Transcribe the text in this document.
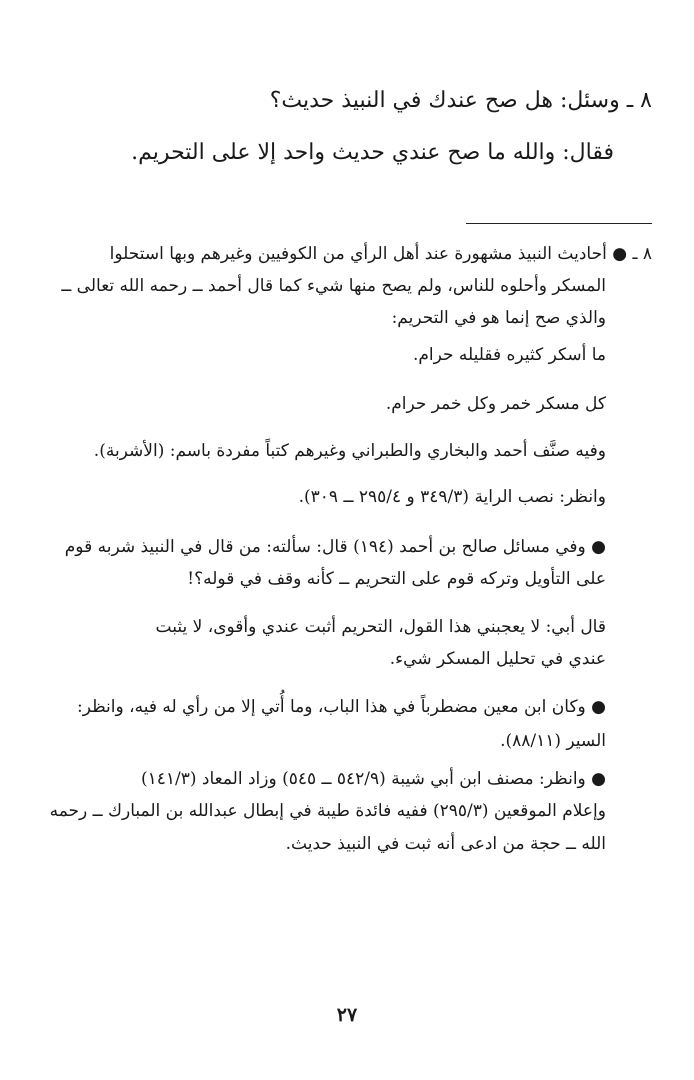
٨ ـ وسئل: هل صح عندك في النبيذ حديث؟
فقال: والله ما صح عندي حديث واحد إلا على التحريم.
٨ ـ ● أحاديث النبيذ مشهورة عند أهل الرأي من الكوفيين وغيرهم وبها استحلوا
المسكر وأحلوه للناس، ولم يصح منها شيء كما قال أحمد ــ رحمه الله تعالى ــ
والذي صح إنما هو في التحريم:
ما أسكر كثيره فقليله حرام.
كل مسكر خمر وكل خمر حرام.
وفيه صنَّف أحمد والبخاري والطبراني وغيرهم كتباً مفردة باسم: (الأشربة).
وانظر: نصب الراية (٣٤٩/٣ و ٢٩٥/٤ ــ ٣٠٩).
● وفي مسائل صالح بن أحمد (١٩٤) قال: سألته: من قال في النبيذ شربه قوم
على التأويل وتركه قوم على التحريم ــ كأنه وقف في قوله؟!
قال أبي: لا يعجبني هذا القول، التحريم أثبت عندي وأقوى، لا يثبت
عندي في تحليل المسكر شيء.
● وكان ابن معين مضطرباً في هذا الباب، وما أُتي إلا من رأي له فيه، وانظر:
السير (٨٨/١١).
● وانظر: مصنف ابن أبي شيبة (٥٤٢/٩ ــ ٥٤٥) وزاد المعاد (١٤١/٣)
وإعلام الموقعين (٢٩٥/٣) ففيه فائدة طيبة في إبطال عبدالله بن المبارك ــ رحمه
الله ــ حجة من ادعى أنه ثبت في النبيذ حديث.
٢٧
